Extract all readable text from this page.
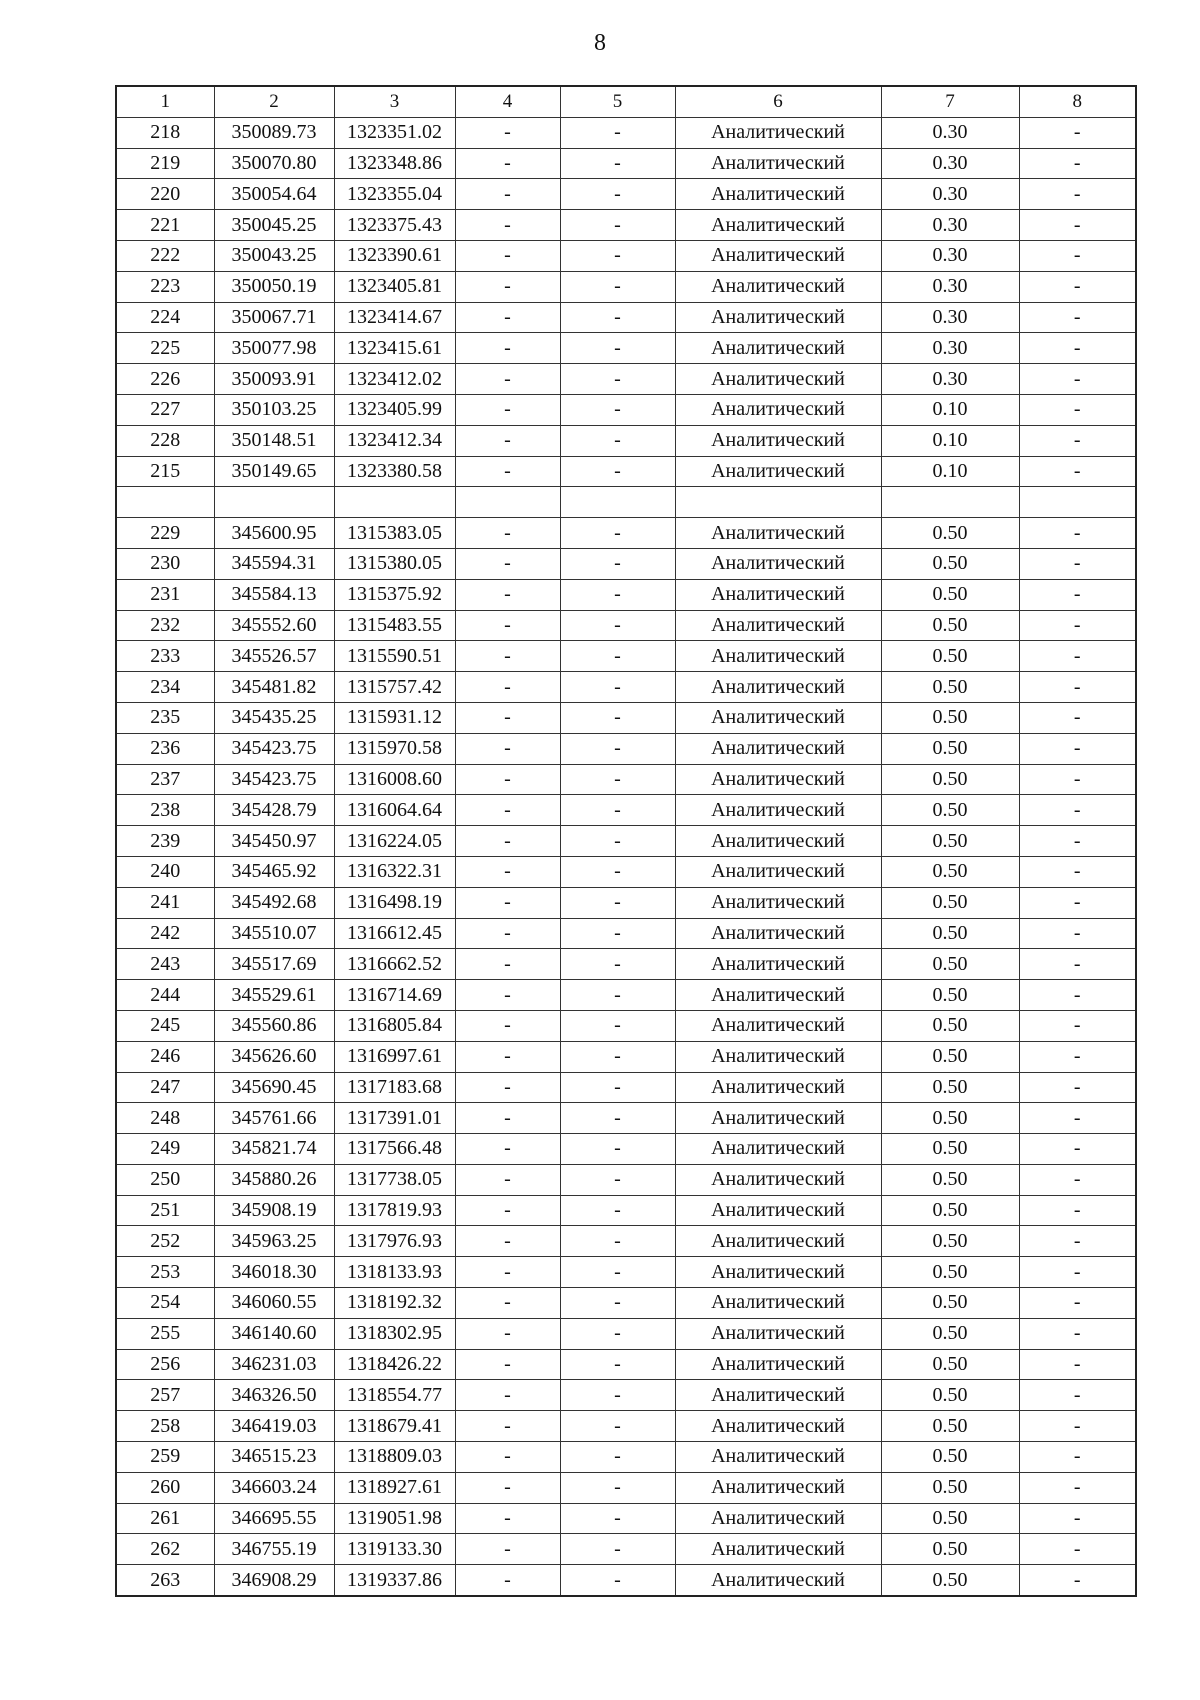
8
1	2	3	4	5	6	7	8
218	350089.73	1323351.02	-	-	Аналитический	0.30	-
219	350070.80	1323348.86	-	-	Аналитический	0.30	-
220	350054.64	1323355.04	-	-	Аналитический	0.30	-
221	350045.25	1323375.43	-	-	Аналитический	0.30	-
222	350043.25	1323390.61	-	-	Аналитический	0.30	-
223	350050.19	1323405.81	-	-	Аналитический	0.30	-
224	350067.71	1323414.67	-	-	Аналитический	0.30	-
225	350077.98	1323415.61	-	-	Аналитический	0.30	-
226	350093.91	1323412.02	-	-	Аналитический	0.30	-
227	350103.25	1323405.99	-	-	Аналитический	0.10	-
228	350148.51	1323412.34	-	-	Аналитический	0.10	-
215	350149.65	1323380.58	-	-	Аналитический	0.10	-

229	345600.95	1315383.05	-	-	Аналитический	0.50	-
230	345594.31	1315380.05	-	-	Аналитический	0.50	-
231	345584.13	1315375.92	-	-	Аналитический	0.50	-
232	345552.60	1315483.55	-	-	Аналитический	0.50	-
233	345526.57	1315590.51	-	-	Аналитический	0.50	-
234	345481.82	1315757.42	-	-	Аналитический	0.50	-
235	345435.25	1315931.12	-	-	Аналитический	0.50	-
236	345423.75	1315970.58	-	-	Аналитический	0.50	-
237	345423.75	1316008.60	-	-	Аналитический	0.50	-
238	345428.79	1316064.64	-	-	Аналитический	0.50	-
239	345450.97	1316224.05	-	-	Аналитический	0.50	-
240	345465.92	1316322.31	-	-	Аналитический	0.50	-
241	345492.68	1316498.19	-	-	Аналитический	0.50	-
242	345510.07	1316612.45	-	-	Аналитический	0.50	-
243	345517.69	1316662.52	-	-	Аналитический	0.50	-
244	345529.61	1316714.69	-	-	Аналитический	0.50	-
245	345560.86	1316805.84	-	-	Аналитический	0.50	-
246	345626.60	1316997.61	-	-	Аналитический	0.50	-
247	345690.45	1317183.68	-	-	Аналитический	0.50	-
248	345761.66	1317391.01	-	-	Аналитический	0.50	-
249	345821.74	1317566.48	-	-	Аналитический	0.50	-
250	345880.26	1317738.05	-	-	Аналитический	0.50	-
251	345908.19	1317819.93	-	-	Аналитический	0.50	-
252	345963.25	1317976.93	-	-	Аналитический	0.50	-
253	346018.30	1318133.93	-	-	Аналитический	0.50	-
254	346060.55	1318192.32	-	-	Аналитический	0.50	-
255	346140.60	1318302.95	-	-	Аналитический	0.50	-
256	346231.03	1318426.22	-	-	Аналитический	0.50	-
257	346326.50	1318554.77	-	-	Аналитический	0.50	-
258	346419.03	1318679.41	-	-	Аналитический	0.50	-
259	346515.23	1318809.03	-	-	Аналитический	0.50	-
260	346603.24	1318927.61	-	-	Аналитический	0.50	-
261	346695.55	1319051.98	-	-	Аналитический	0.50	-
262	346755.19	1319133.30	-	-	Аналитический	0.50	-
263	346908.29	1319337.86	-	-	Аналитический	0.50	-
